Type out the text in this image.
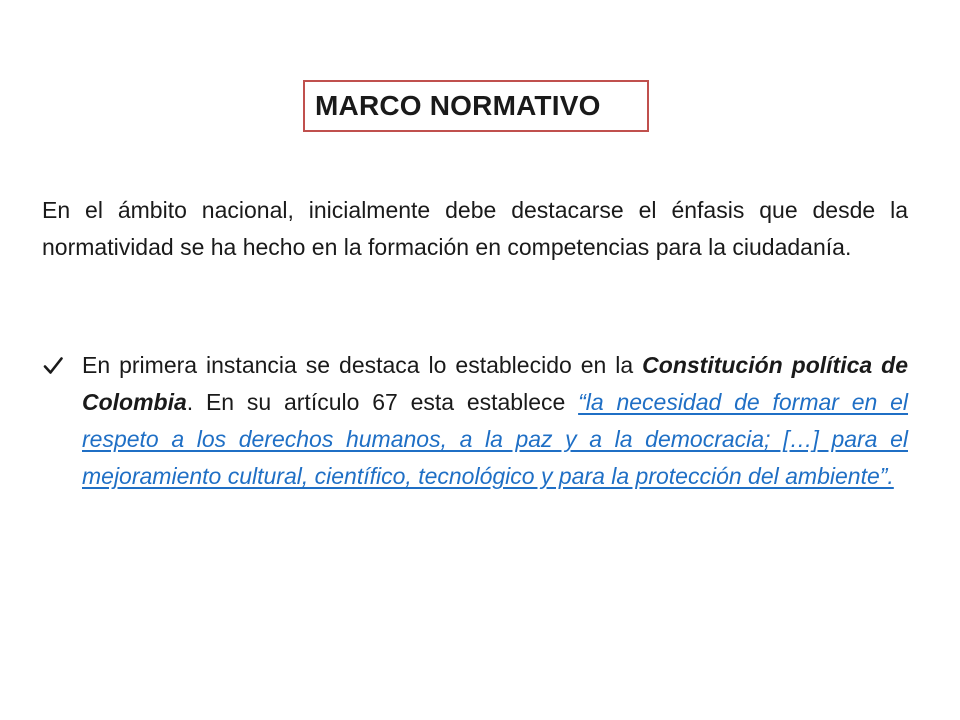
MARCO NORMATIVO

En el ámbito nacional, inicialmente debe destacarse el énfasis que desde la normatividad se ha hecho en la formación en competencias para la ciudadanía.

En primera instancia se destaca lo establecido en la Constitución política de Colombia. En su artículo 67 esta establece “la necesidad de formar en el respeto a los derechos humanos, a la paz y a la democracia; […] para el mejoramiento cultural, científico, tecnológico y para la protección del ambiente”.
